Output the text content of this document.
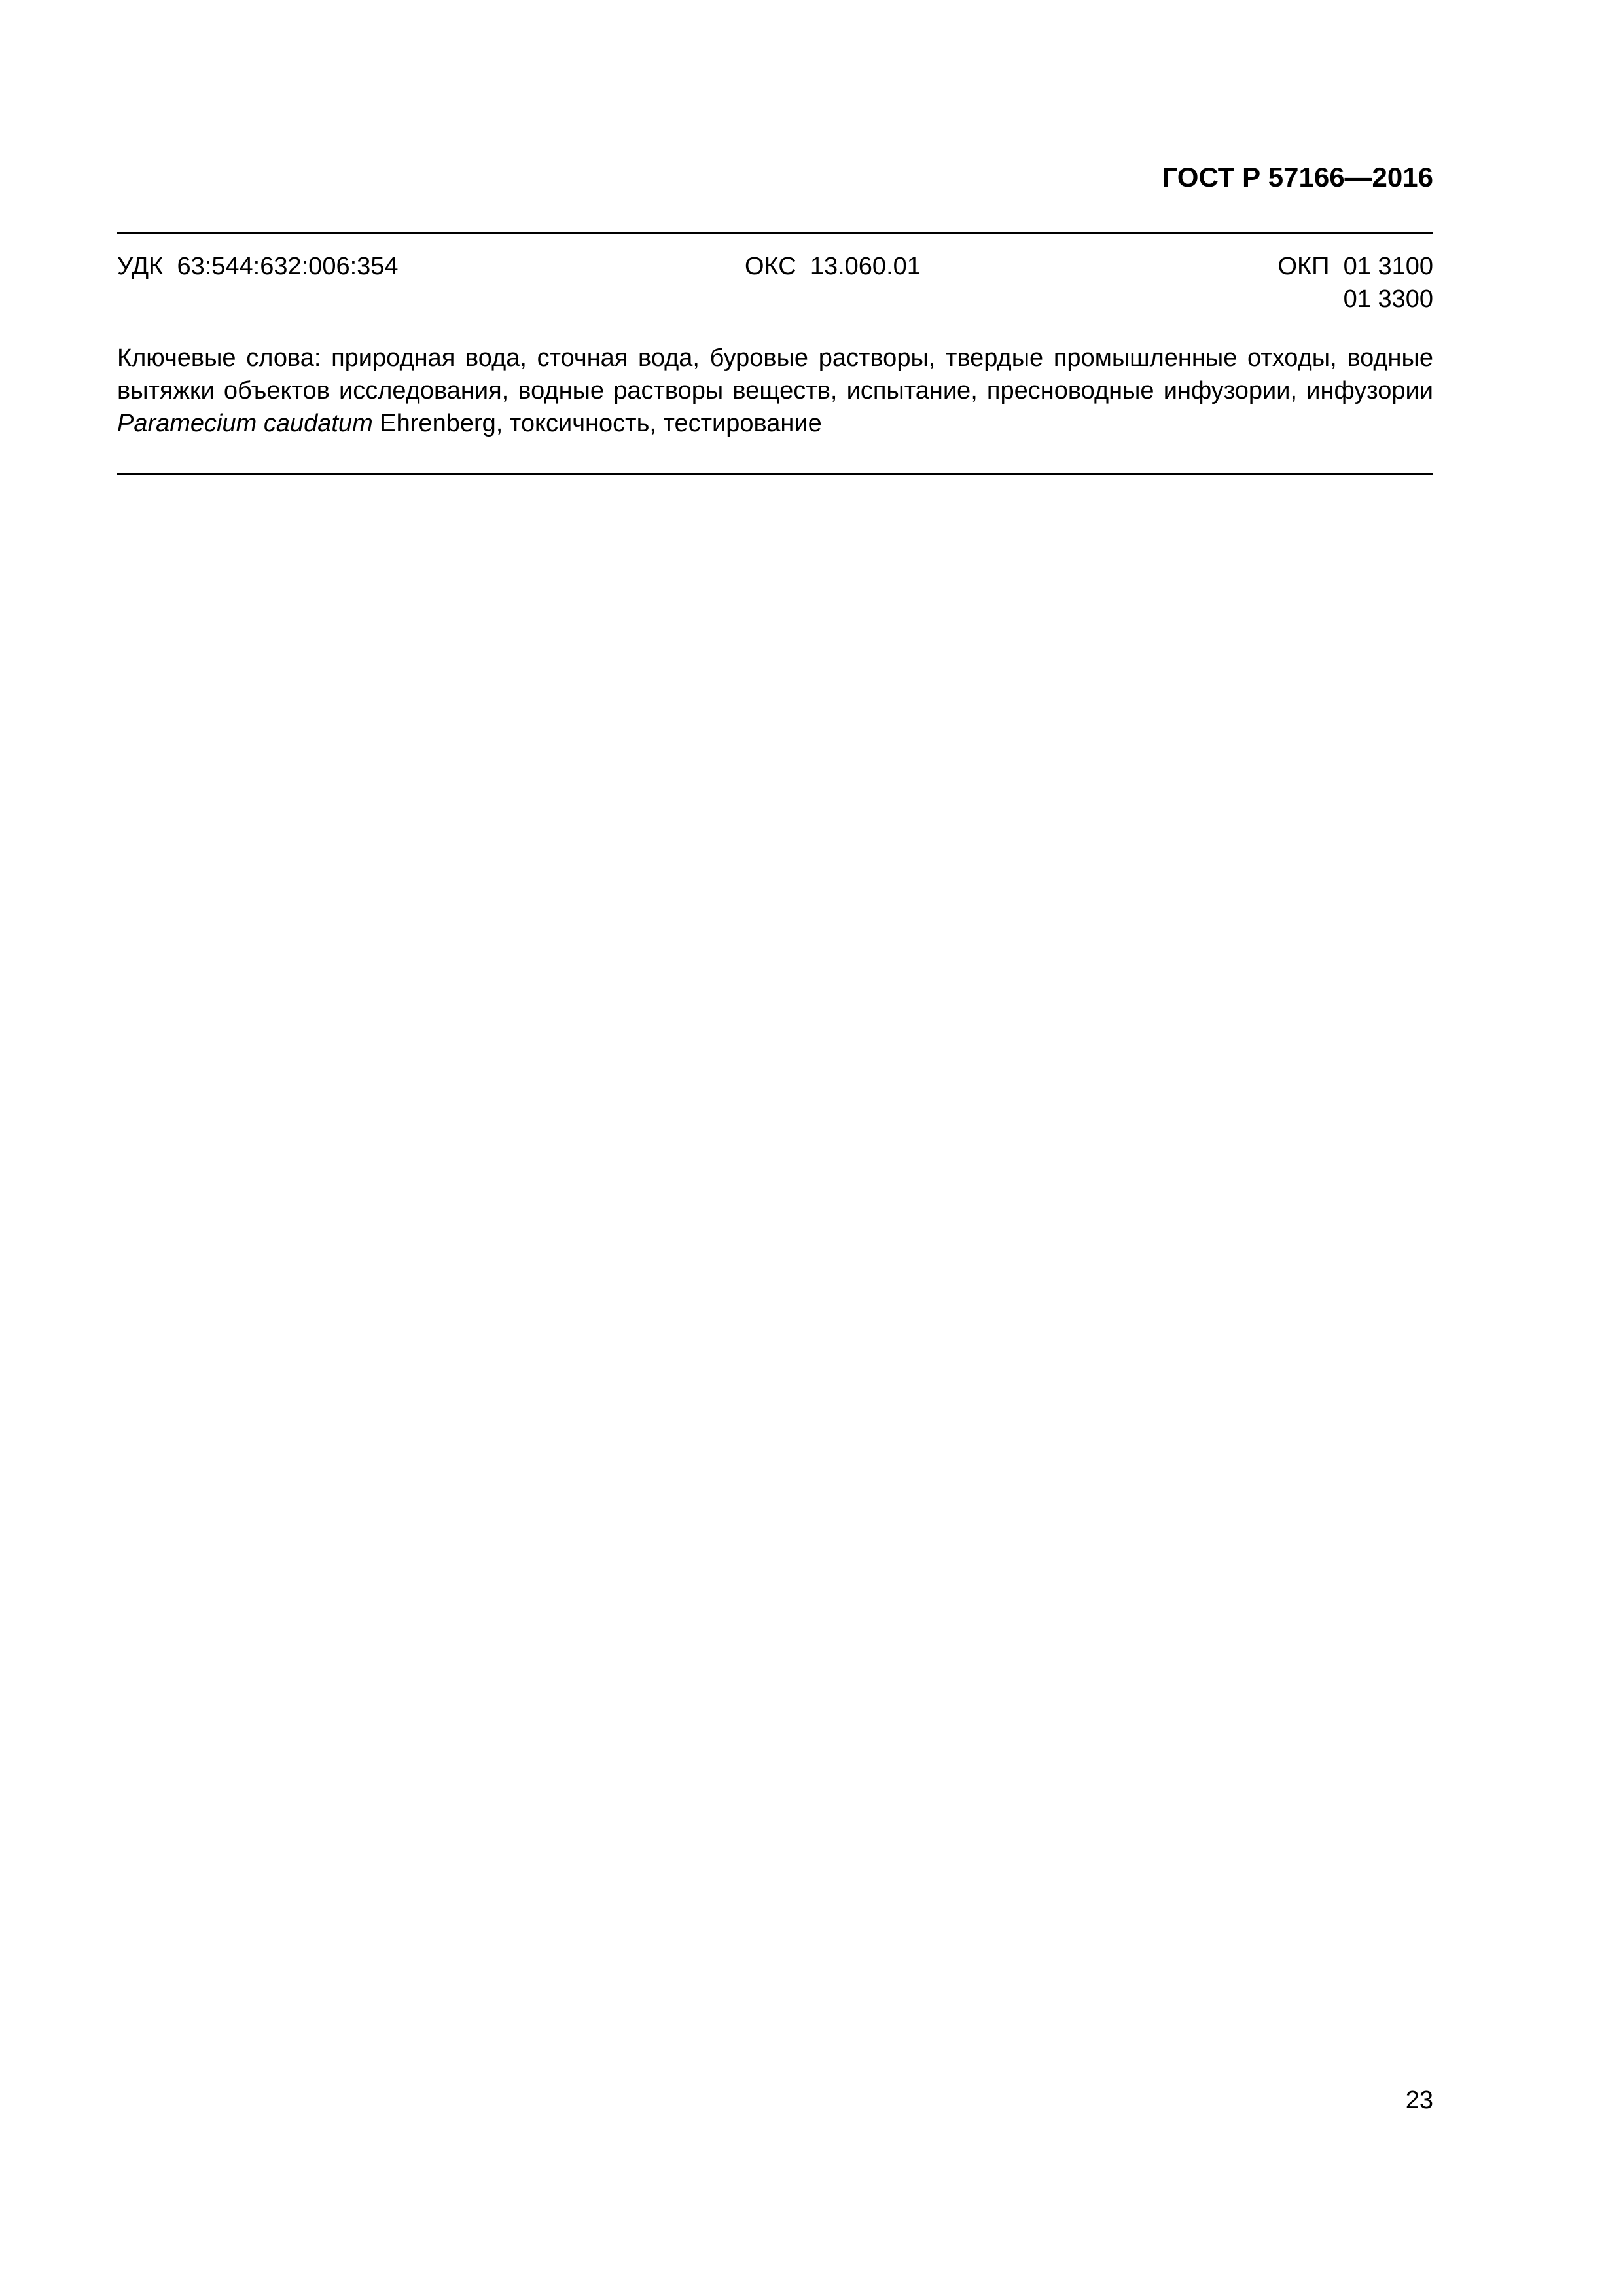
ГОСТ Р 57166—2016
УДК 63:544:632:006:354	ОКС 13.060.01	ОКП 01 3100
01 3300
Ключевые слова: природная вода, сточная вода, буровые растворы, твердые промышленные отходы, водные вытяжки объектов исследования, водные растворы веществ, испытание, пресноводные инфузории, инфузории Paramecium caudatum Ehrenberg, токсичность, тестирование
23
